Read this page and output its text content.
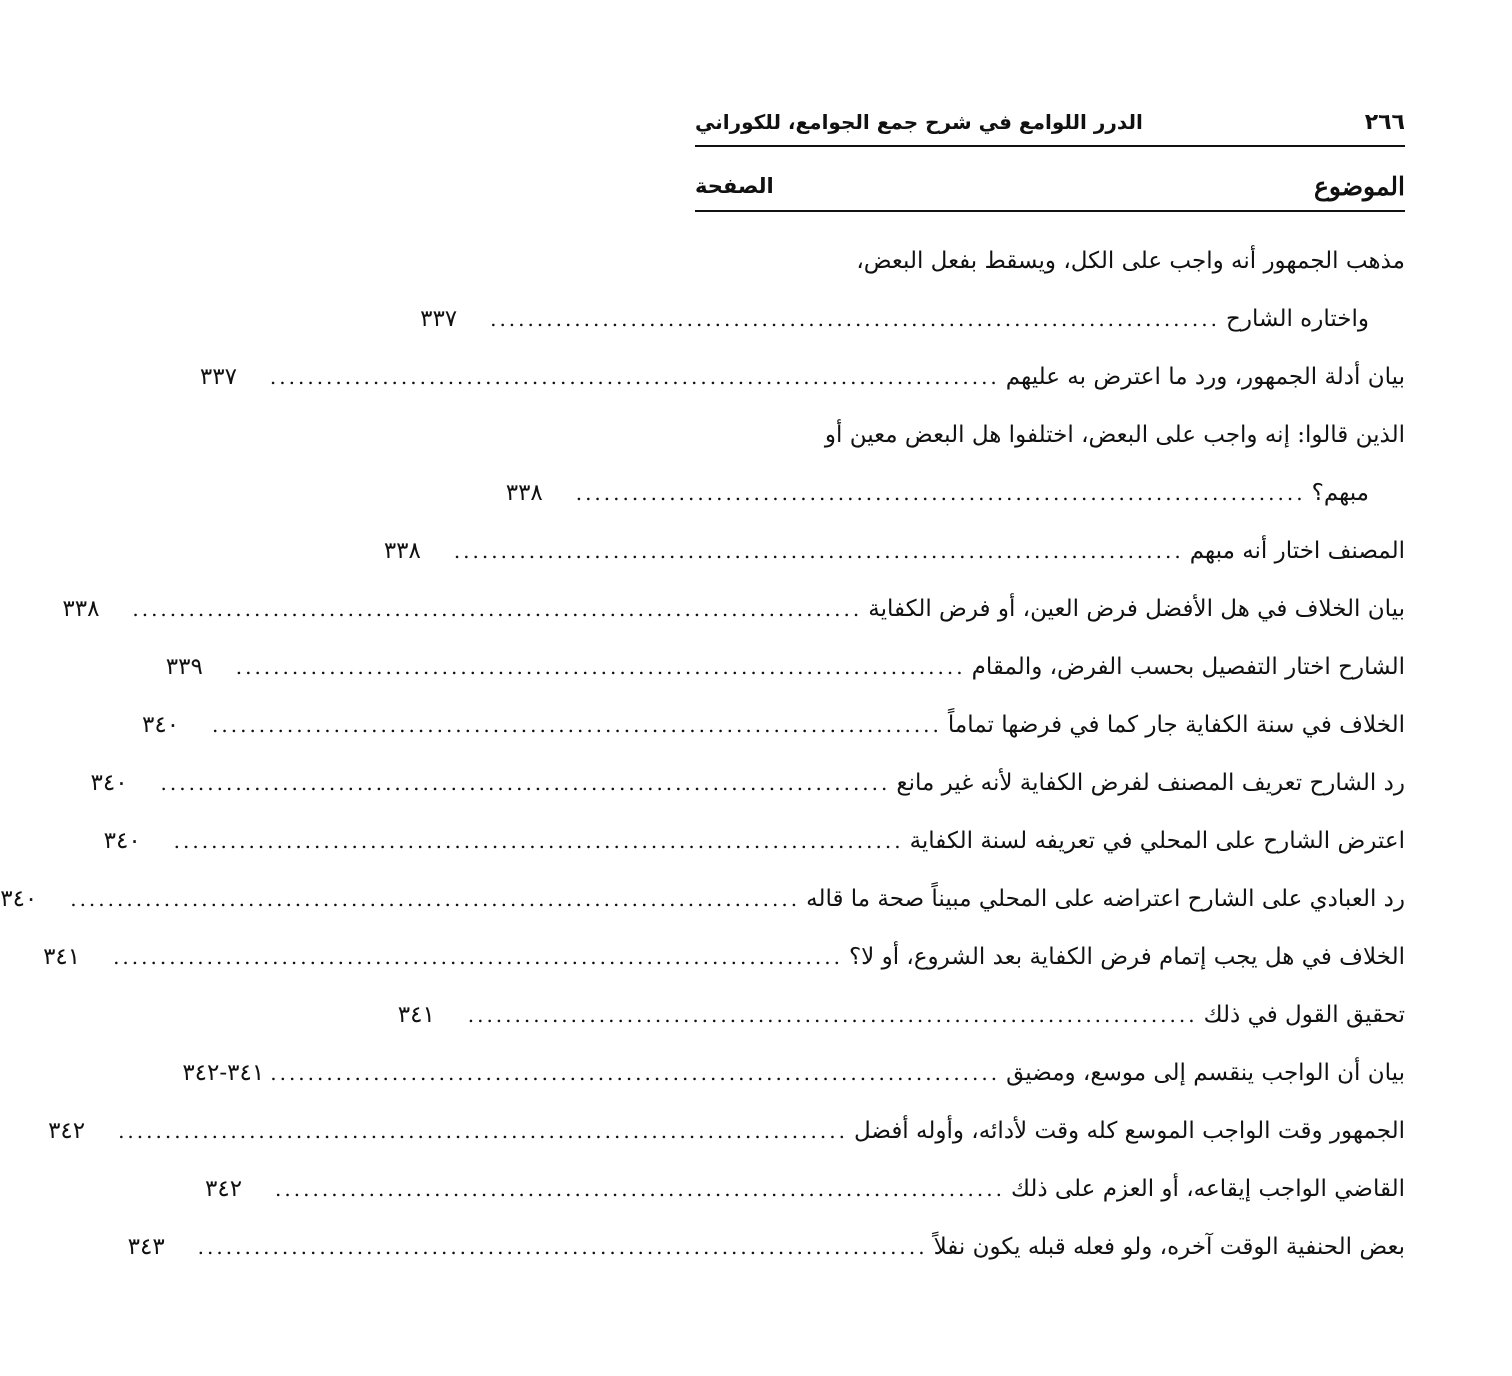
٢٦٦
الدرر اللوامع في شرح جمع الجوامع، للكوراني
الموضوع
الصفحة
مذهب الجمهور أنه واجب على الكل، ويسقط بفعل البعض،
واختاره الشارح
..............................................................................
٣٣٧
بيان أدلة الجمهور، ورد ما اعترض به عليهم
..............................................................................
٣٣٧
الذين قالوا: إنه واجب على البعض، اختلفوا هل البعض معين أو
مبهم؟
..............................................................................
٣٣٨
المصنف اختار أنه مبهم
..............................................................................
٣٣٨
بيان الخلاف في هل الأفضل فرض العين، أو فرض الكفاية
..............................................................................
٣٣٨
الشارح اختار التفصيل بحسب الفرض، والمقام
..............................................................................
٣٣٩
الخلاف في سنة الكفاية جار كما في فرضها تماماً
..............................................................................
٣٤٠
رد الشارح تعريف المصنف لفرض الكفاية لأنه غير مانع
..............................................................................
٣٤٠
اعترض الشارح على المحلي في تعريفه لسنة الكفاية
..............................................................................
٣٤٠
رد العبادي على الشارح اعتراضه على المحلي مبيناً صحة ما قاله
..............................................................................
٣٤٠
الخلاف في هل يجب إتمام فرض الكفاية بعد الشروع، أو لا؟
..............................................................................
٣٤١
تحقيق القول في ذلك
..............................................................................
٣٤١
بيان أن الواجب ينقسم إلى موسع، ومضيق
..............................................................................
٣٤١-٣٤٢
الجمهور وقت الواجب الموسع كله وقت لأدائه، وأوله أفضل
..............................................................................
٣٤٢
القاضي الواجب إيقاعه، أو العزم على ذلك
..............................................................................
٣٤٢
بعض الحنفية الوقت آخره، ولو فعله قبله يكون نفلاً
..............................................................................
٣٤٣
